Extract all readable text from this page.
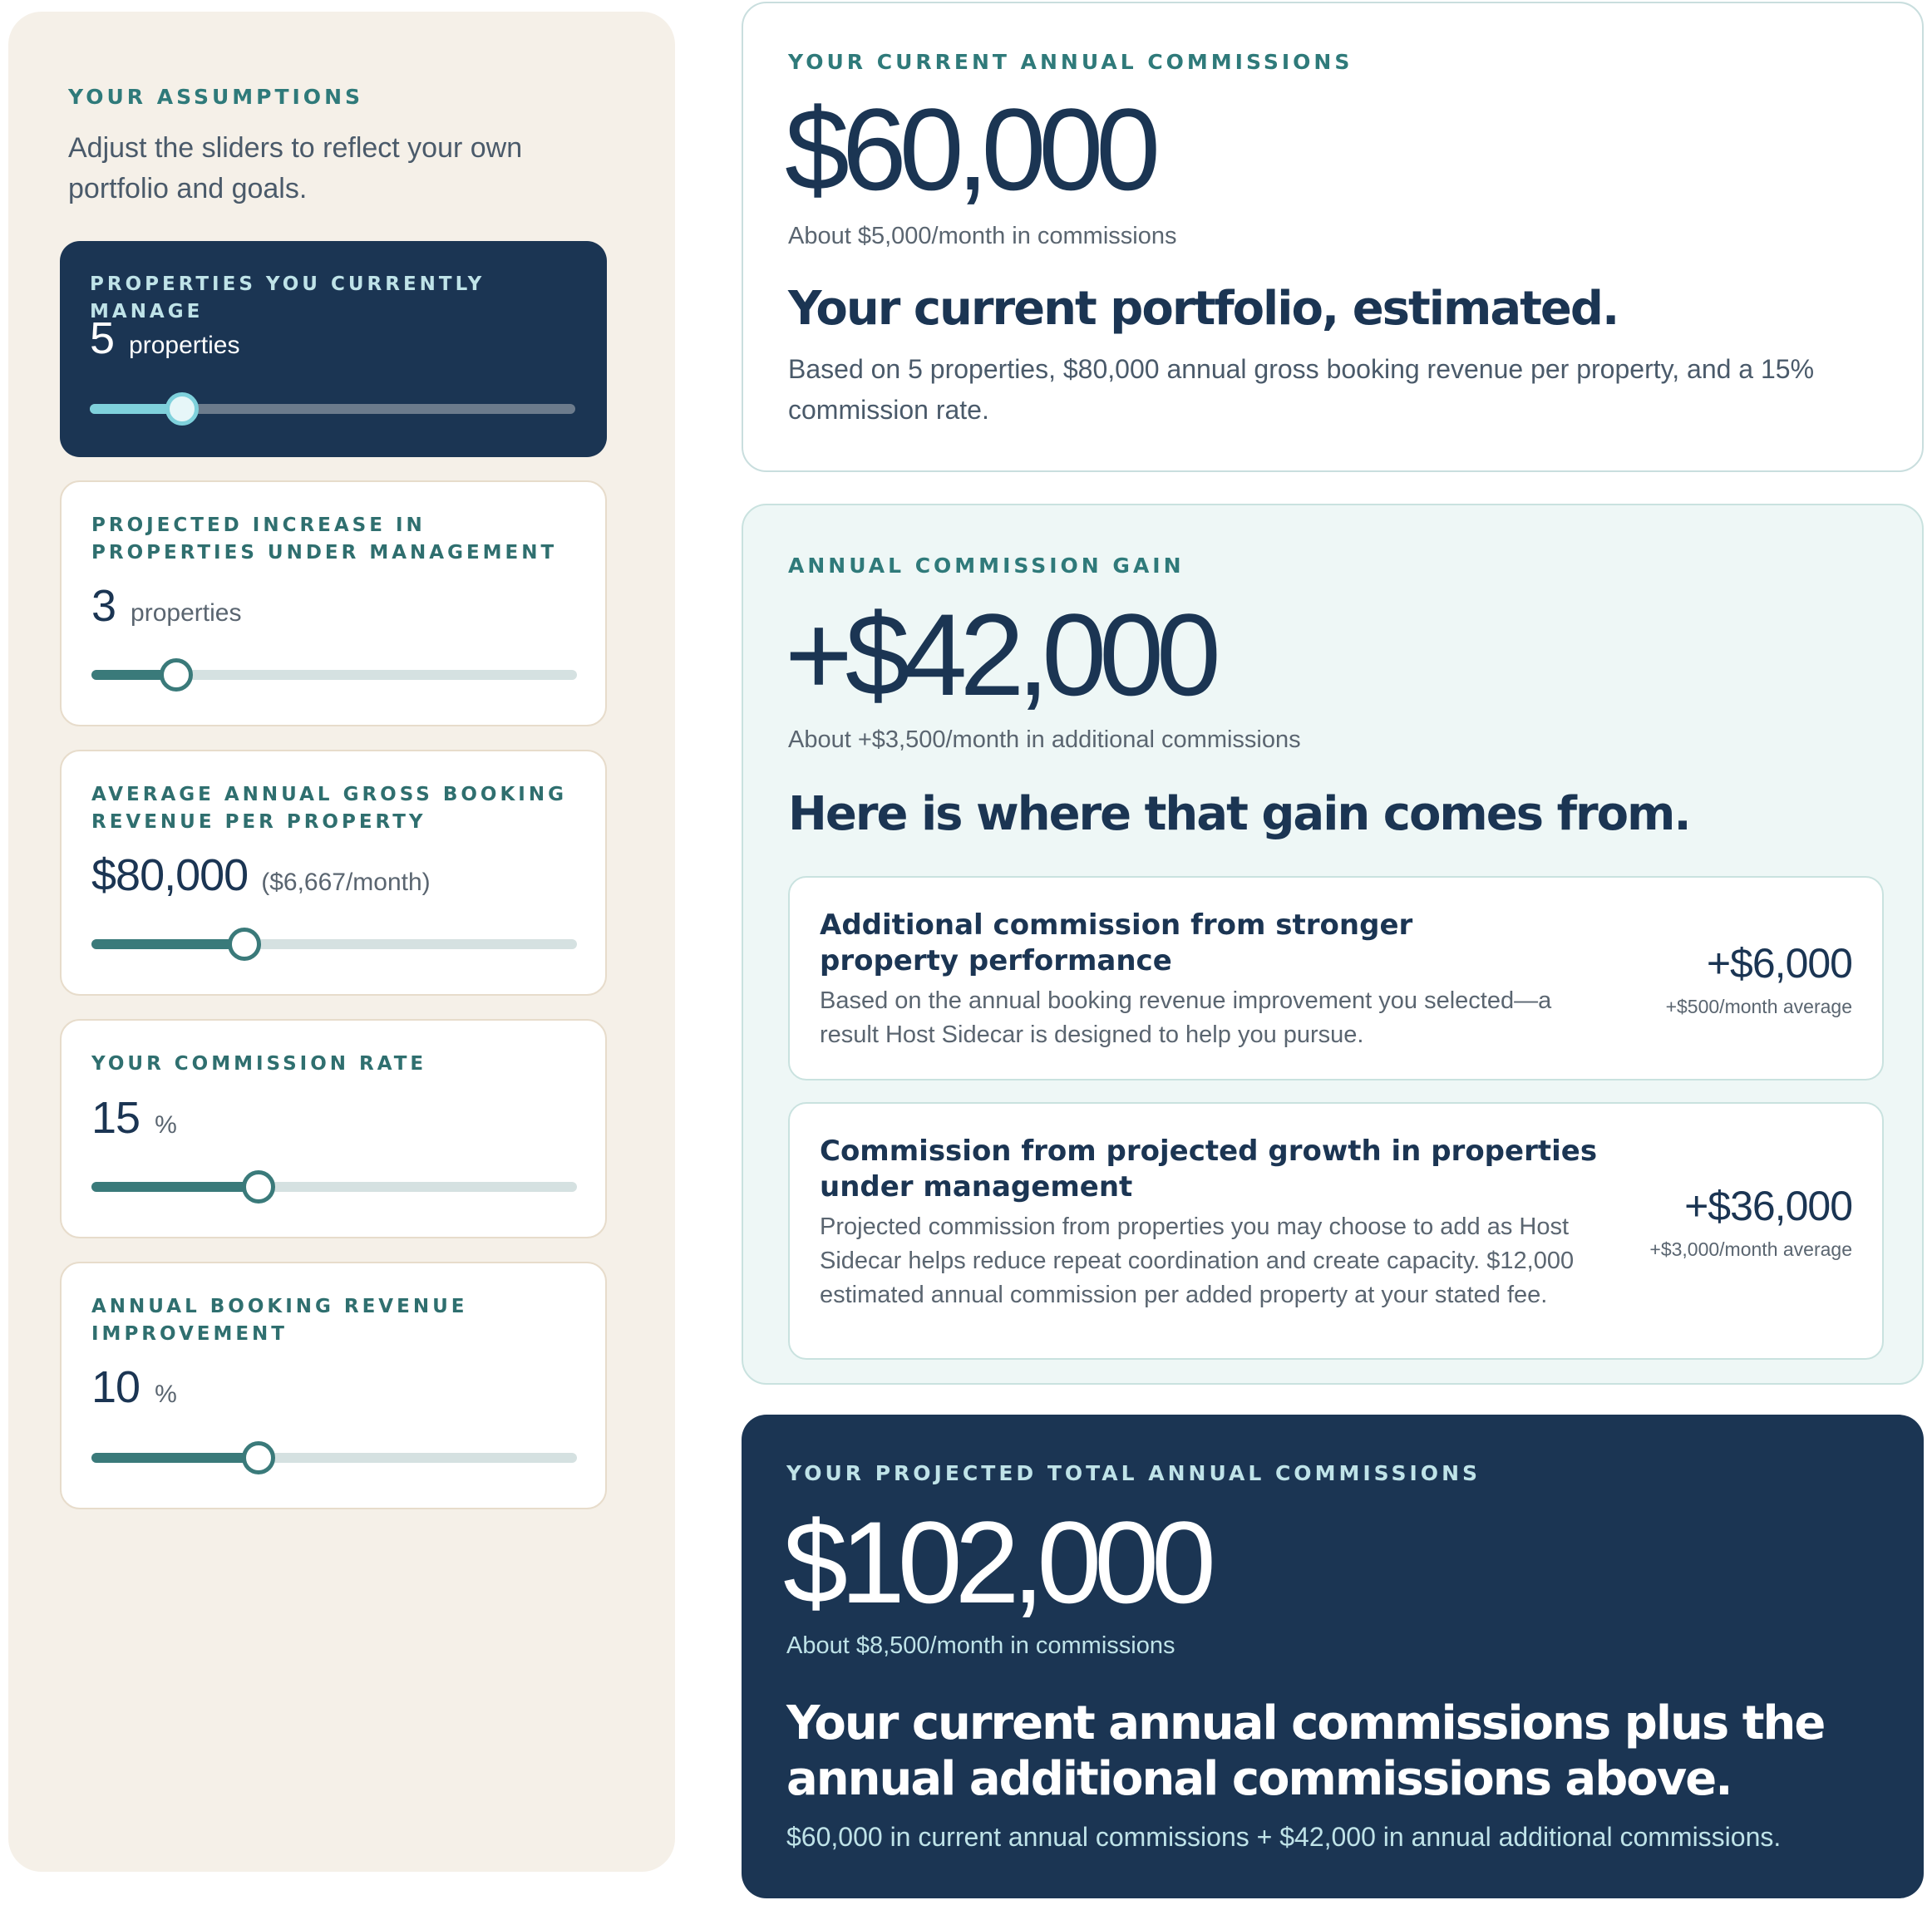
YOUR ASSUMPTIONS
Adjust the sliders to reflect your own portfolio and goals.
PROPERTIES YOU CURRENTLY MANAGE
5 properties
PROJECTED INCREASE IN PROPERTIES UNDER MANAGEMENT
3 properties
AVERAGE ANNUAL GROSS BOOKING REVENUE PER PROPERTY
$80,000 ($6,667/month)
YOUR COMMISSION RATE
15 %
ANNUAL BOOKING REVENUE IMPROVEMENT
10 %
YOUR CURRENT ANNUAL COMMISSIONS
$60,000
About $5,000/month in commissions
Your current portfolio, estimated.
Based on 5 properties, $80,000 annual gross booking revenue per property, and a 15% commission rate.
ANNUAL COMMISSION GAIN
+$42,000
About +$3,500/month in additional commissions
Here is where that gain comes from.
Additional commission from stronger property performance
Based on the annual booking revenue improvement you selected—a result Host Sidecar is designed to help you pursue.
+$6,000
+$500/month average
Commission from projected growth in properties under management
Projected commission from properties you may choose to add as Host Sidecar helps reduce repeat coordination and create capacity. $12,000 estimated annual commission per added property at your stated fee.
+$36,000
+$3,000/month average
YOUR PROJECTED TOTAL ANNUAL COMMISSIONS
$102,000
About $8,500/month in commissions
Your current annual commissions plus the annual additional commissions above.
$60,000 in current annual commissions + $42,000 in annual additional commissions.
